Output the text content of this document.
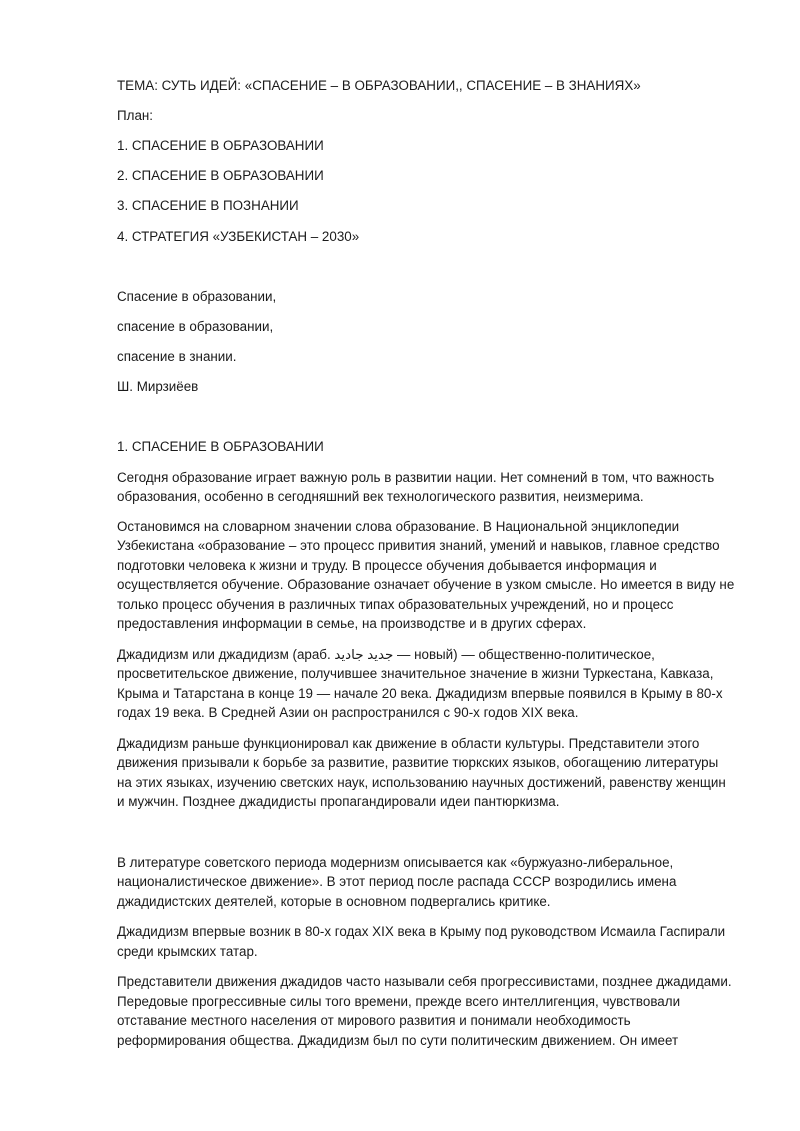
ТЕМА: СУТЬ ИДЕЙ: «СПАСЕНИЕ – В ОБРАЗОВАНИИ,, СПАСЕНИЕ – В ЗНАНИЯХ»
План:
1. СПАСЕНИЕ В ОБРАЗОВАНИИ
2. СПАСЕНИЕ В ОБРАЗОВАНИИ
3. СПАСЕНИЕ В ПОЗНАНИИ
4. СТРАТЕГИЯ «УЗБЕКИСТАН – 2030»
Спасение в образовании,
спасение в образовании,
спасение в знании.
Ш. Мирзиёев
1. СПАСЕНИЕ В ОБРАЗОВАНИИ
Сегодня образование играет важную роль в развитии нации. Нет сомнений в том, что важность
образования, особенно в сегодняшний век технологического развития, неизмерима.
Остановимся на словарном значении слова образование. В Национальной энциклопедии
Узбекистана «образование – это процесс привития знаний, умений и навыков, главное средство
подготовки человека к жизни и труду. В процессе обучения добывается информация и
осуществляется обучение. Образование означает обучение в узком смысле. Но имеется в виду не
только процесс обучения в различных типах образовательных учреждений, но и процесс
предоставления информации в семье, на производстве и в других сферах.
Джадидизм или джадидизм (араб. جديد جاديد — новый) — общественно-политическое,
просветительское движение, получившее значительное значение в жизни Туркестана, Кавказа,
Крыма и Татарстана в конце 19 — начале 20 века. Джадидизм впервые появился в Крыму в 80-х
годах 19 века. В Средней Азии он распространился с 90-х годов XIX века.
Джадидизм раньше функционировал как движение в области культуры. Представители этого
движения призывали к борьбе за развитие, развитие тюркских языков, обогащению литературы
на этих языках, изучению светских наук, использованию научных достижений, равенству женщин
и мужчин. Позднее джадидисты пропагандировали идеи пантюркизма.
В литературе советского периода модернизм описывается как «буржуазно-либеральное,
националистическое движение». В этот период после распада СССР возродились имена
джадидистских деятелей, которые в основном подвергались критике.
Джадидизм впервые возник в 80-х годах XIX века в Крыму под руководством Исмаила Гаспирали
среди крымских татар.
Представители движения джадидов часто называли себя прогрессивистами, позднее джадидами.
Передовые прогрессивные силы того времени, прежде всего интеллигенция, чувствовали
отставание местного населения от мирового развития и понимали необходимость
реформирования общества. Джадидизм был по сути политическим движением. Он имеет
